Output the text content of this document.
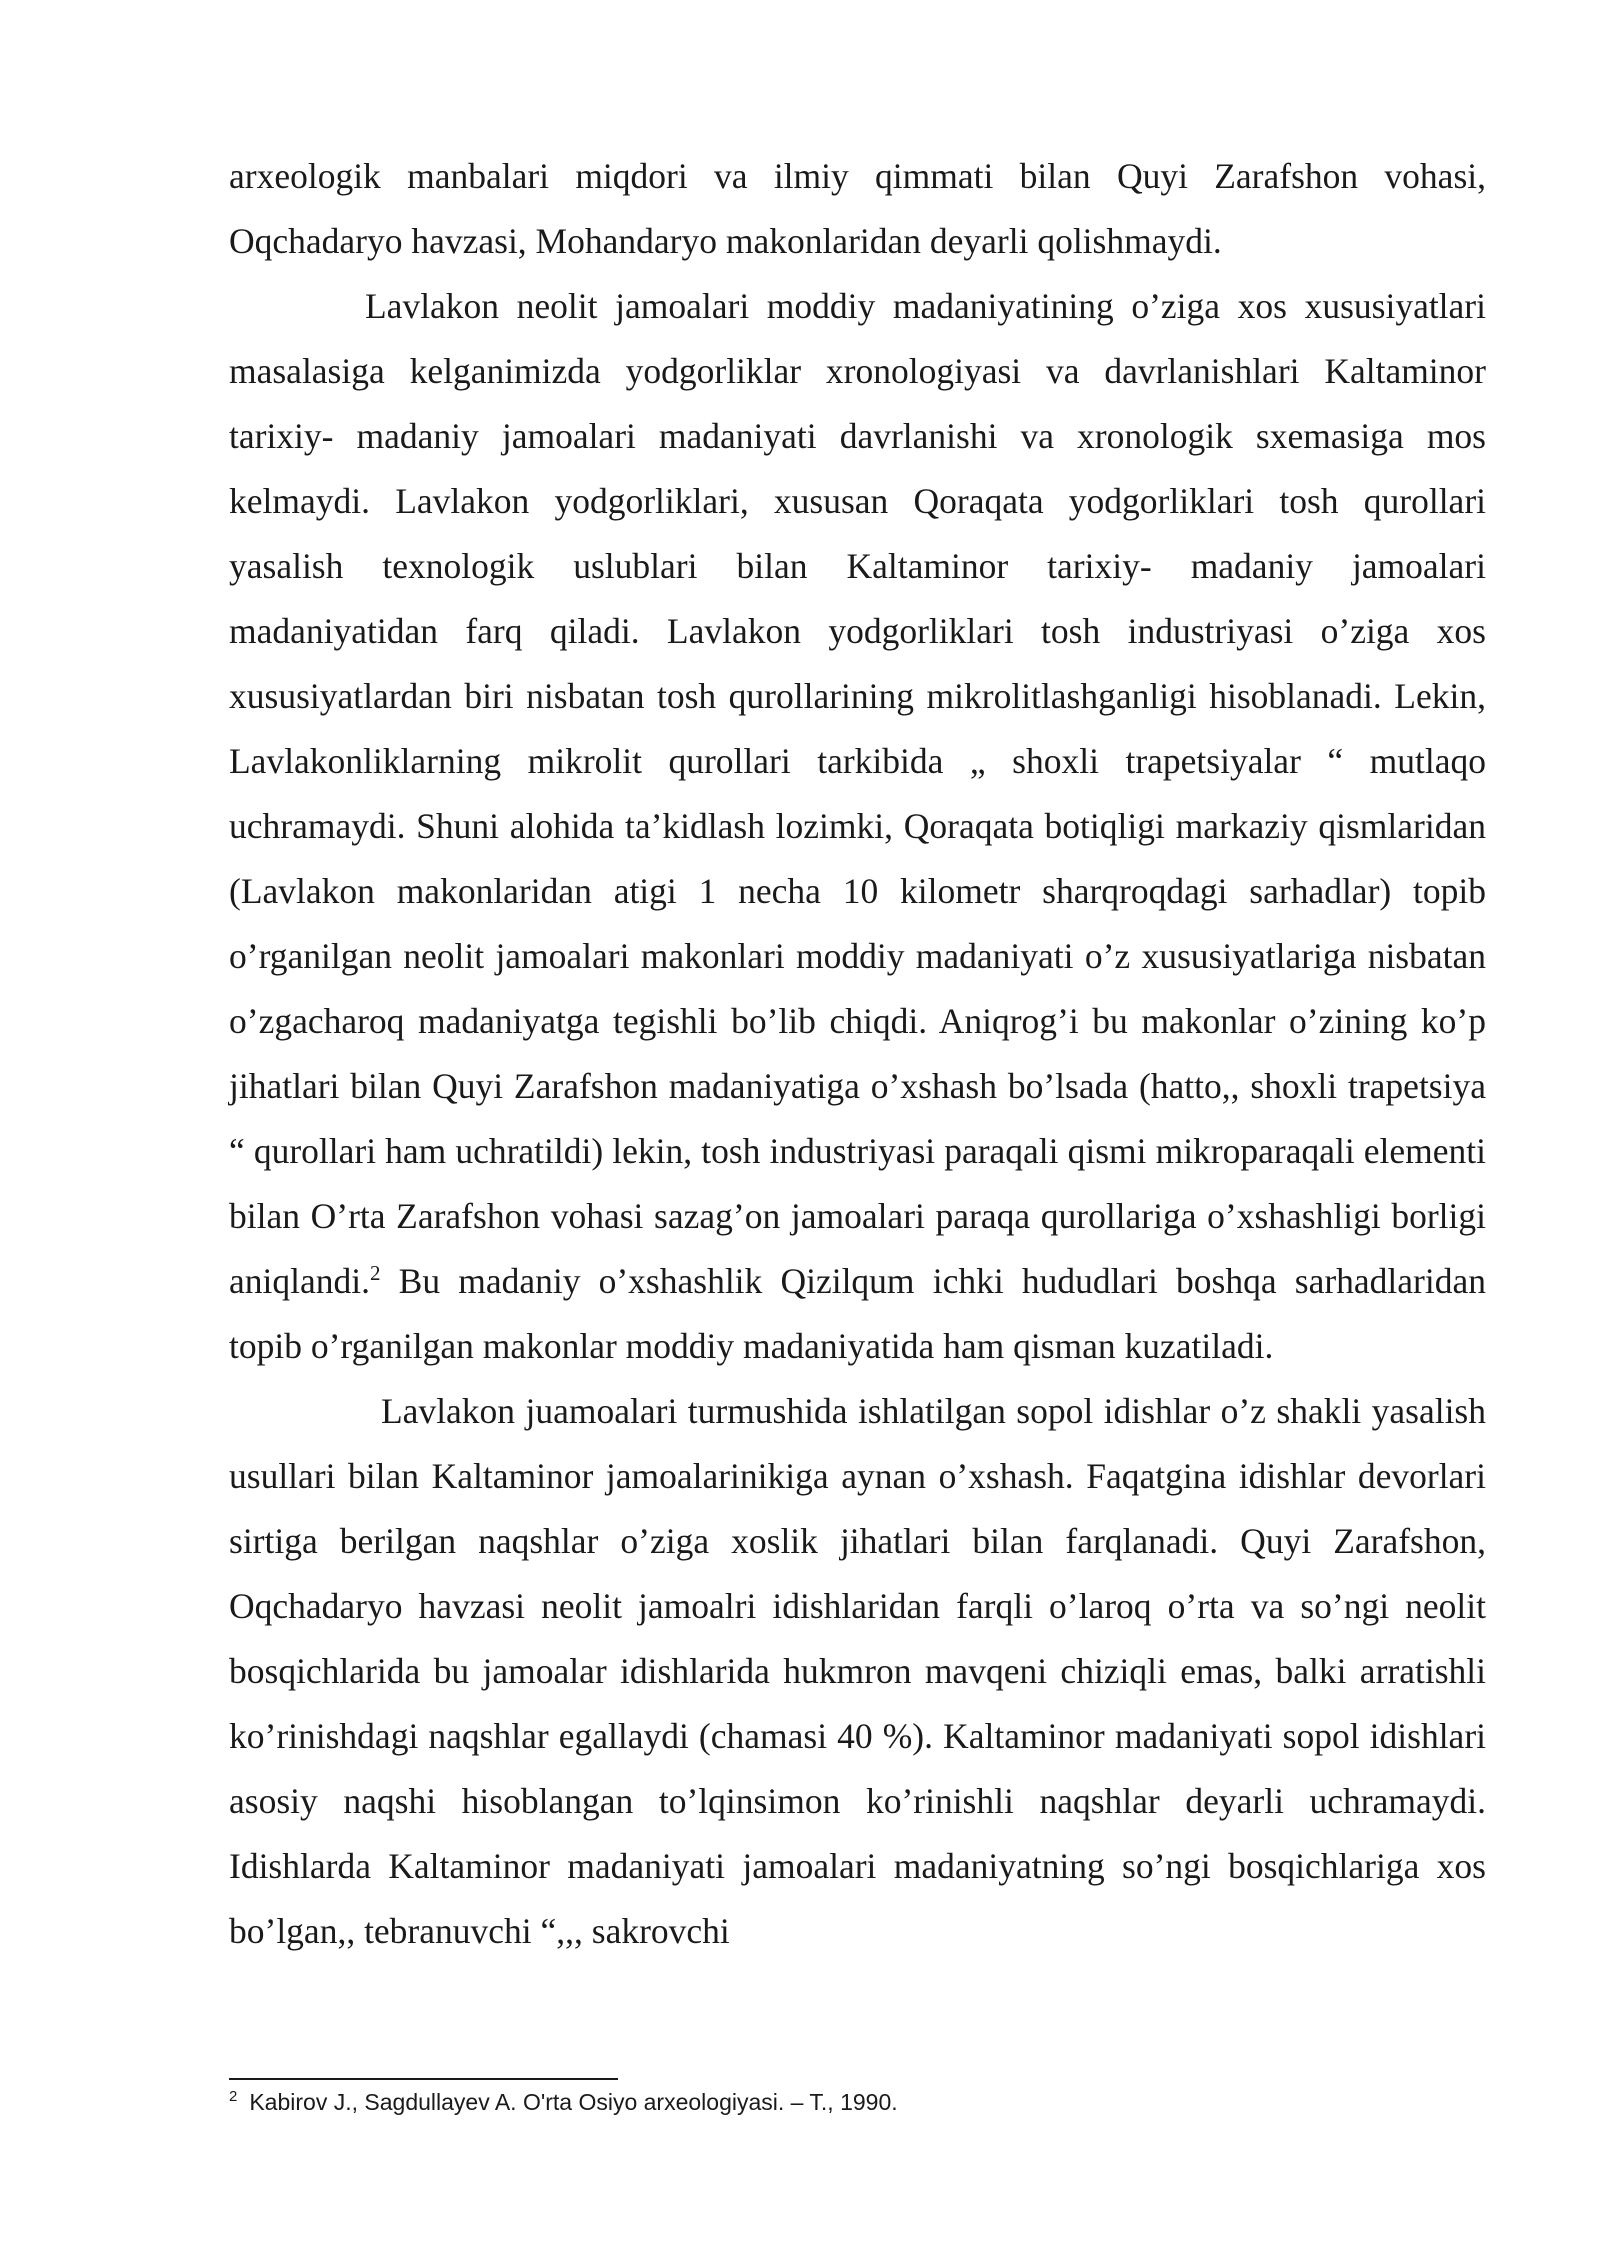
arxeologik manbalari miqdori va ilmiy qimmati bilan Quyi Zarafshon vohasi, Oqchadaryo havzasi, Mohandaryo makonlaridan deyarli qolishmaydi.

Lavlakon neolit jamoalari moddiy madaniyatining o’ziga xos xususiyatlari masalasiga kelganimizda yodgorliklar xronologiyasi va davrlanishlari Kaltaminor tarixiy- madaniy jamoalari madaniyati davrlanishi va xronologik sxemasiga mos kelmaydi. Lavlakon yodgorliklari, xususan Qoraqata yodgorliklari tosh qurollari yasalish texnologik uslublari bilan Kaltaminor tarixiy- madaniy jamoalari madaniyatidan farq qiladi. Lavlakon yodgorliklari tosh industriyasi o’ziga xos xususiyatlardan biri nisbatan tosh qurollarining mikrolitlashganligi hisoblanadi. Lekin, Lavlakonliklarning mikrolit qurollari tarkibida „ shoxli trapetsiyalar “ mutlaqo uchramaydi. Shuni alohida ta’kidlash lozimki, Qoraqata botiqligi markaziy qismlaridan (Lavlakon makonlaridan atigi 1 necha 10 kilometr sharqroqdagi sarhadlar) topib o’rganilgan neolit jamoalari makonlari moddiy madaniyati o’z xususiyatlariga nisbatan o’zgacharoq madaniyatga tegishli bo’lib chiqdi. Aniqrog’i bu makonlar o’zining ko’p jihatlari bilan Quyi Zarafshon madaniyatiga o’xshash bo’lsada (hatto,, shoxli trapetsiya “ qurollari ham uchratildi) lekin, tosh industriyasi paraqali qismi mikroparaqali elementi bilan O’rta Zarafshon vohasi sazag’on jamoalari paraqa qurollariga o’xshashligi borligi aniqlandi.$^2$ Bu madaniy o’xshashlik Qizilqum ichki hududlari boshqa sarhadlaridan topib o’rganilgan makonlar moddiy madaniyatida ham qisman kuzatiladi.

Lavlakon juamoalari turmushida ishlatilgan sopol idishlar o’z shakli yasalish usullari bilan Kaltaminor jamoalarinikiga aynan o’xshash. Faqatgina idishlar devorlari sirtiga berilgan naqshlar o’ziga xoslik jihatlari bilan farqlanadi. Quyi Zarafshon, Oqchadaryo havzasi neolit jamoalri idishlaridan farqli o’laroq o’rta va so’ngi neolit bosqichlarida bu jamoalar idishlarida hukmron mavqeni chiziqli emas, balki arratishli ko’rinishdagi naqshlar egallaydi (chamasi 40 %). Kaltaminor madaniyati sopol idishlari asosiy naqshi hisoblangan to’lqinsimon ko’rinishli naqshlar deyarli uchramaydi. Idishlarda Kaltaminor madaniyati jamoalari madaniyatning so’ngi bosqichlariga xos bo’lgan,, tebranuvchi “,,, sakrovchi

$^2$ Kabirov J., Sagdullayev A. O'rta Osiyo arxeologiyasi. – T., 1990.
